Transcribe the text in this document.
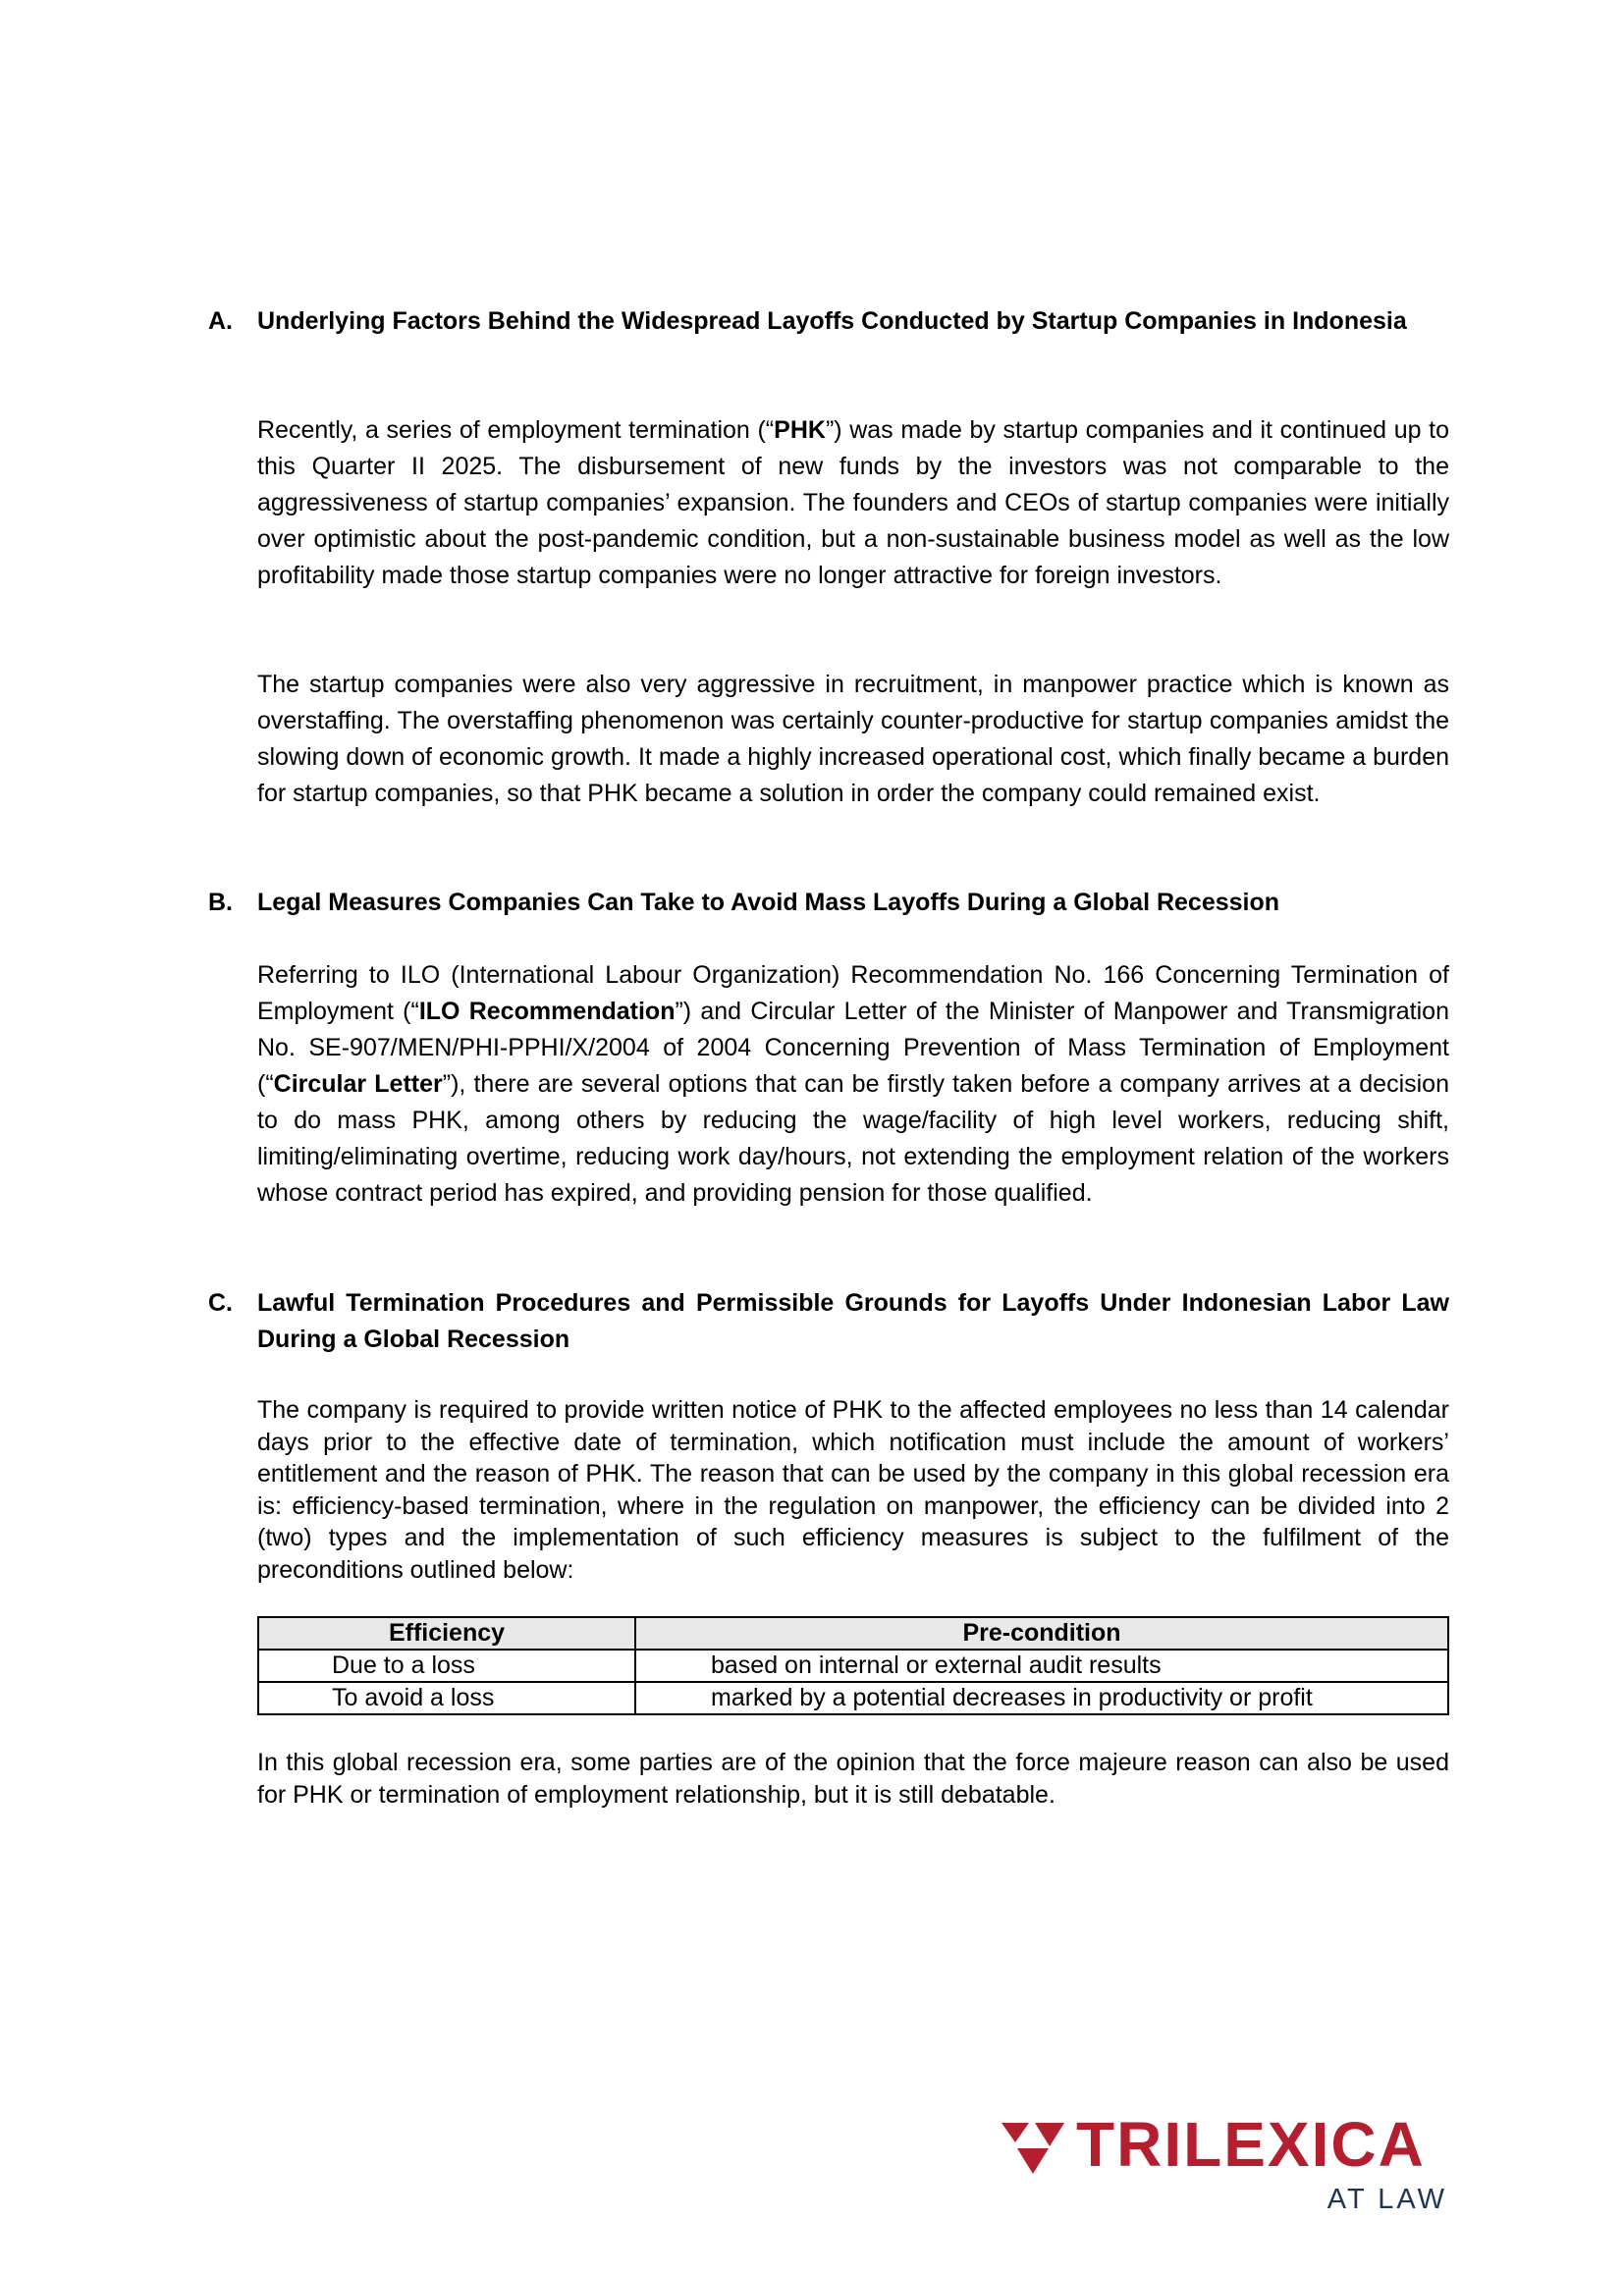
A.	Underlying Factors Behind the Widespread Layoffs Conducted by Startup Companies in Indonesia
Recently, a series of employment termination (“PHK”) was made by startup companies and it continued up to this Quarter II 2025. The disbursement of new funds by the investors was not comparable to the aggressiveness of startup companies’ expansion. The founders and CEOs of startup companies were initially over optimistic about the post-pandemic condition, but a non-sustainable business model as well as the low profitability made those startup companies were no longer attractive for foreign investors.
The startup companies were also very aggressive in recruitment, in manpower practice which is known as overstaffing. The overstaffing phenomenon was certainly counter-productive for startup companies amidst the slowing down of economic growth. It made a highly increased operational cost, which finally became a burden for startup companies, so that PHK became a solution in order the company could remained exist.
B.	Legal Measures Companies Can Take to Avoid Mass Layoffs During a Global Recession
Referring to ILO (International Labour Organization) Recommendation No. 166 Concerning Termination of Employment (“ILO Recommendation”) and Circular Letter of the Minister of Manpower and Transmigration No. SE-907/MEN/PHI-PPHI/X/2004 of 2004 Concerning Prevention of Mass Termination of Employment (“Circular Letter”), there are several options that can be firstly taken before a company arrives at a decision to do mass PHK, among others by reducing the wage/facility of high level workers, reducing shift, limiting/eliminating overtime, reducing work day/hours, not extending the employment relation of the workers whose contract period has expired, and providing pension for those qualified.
C.	Lawful Termination Procedures and Permissible Grounds for Layoffs Under Indonesian Labor Law During a Global Recession
The company is required to provide written notice of PHK to the affected employees no less than 14 calendar days prior to the effective date of termination, which notification must include the amount of workers’ entitlement and the reason of PHK. The reason that can be used by the company in this global recession era is: efficiency-based termination, where in the regulation on manpower, the efficiency can be divided into 2 (two) types and the implementation of such efficiency measures is subject to the fulfilment of the preconditions outlined below:
Efficiency	Pre-condition
Due to a loss	based on internal or external audit results
To avoid a loss	marked by a potential decreases in productivity or profit
In this global recession era, some parties are of the opinion that the force majeure reason can also be used for PHK or termination of employment relationship, but it is still debatable.
TRILEXICA
AT LAW
